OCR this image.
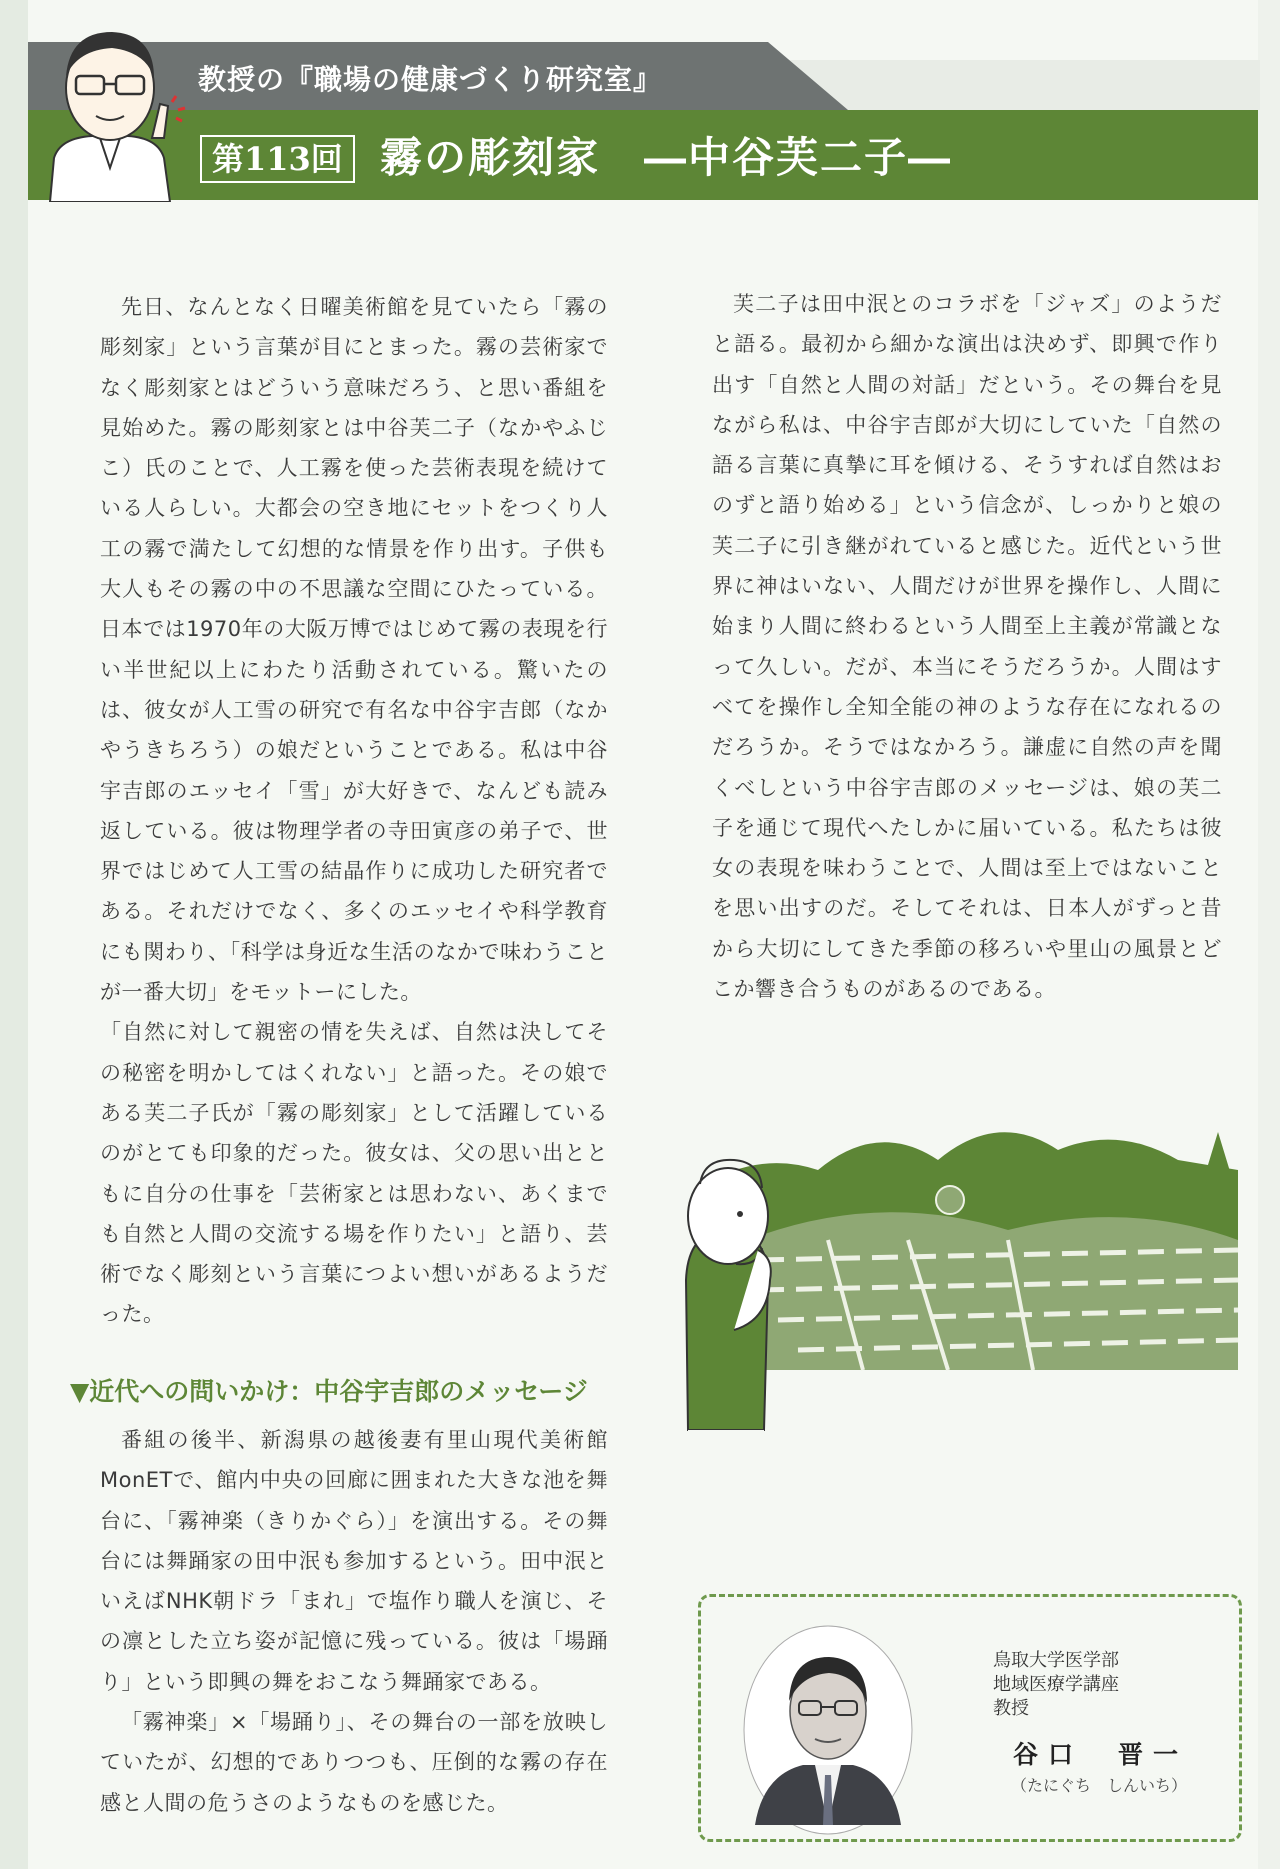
教授の『職場の健康づくり研究室』
第113回 霧の彫刻家　―中谷芙二子―

先日、なんとなく日曜美術館を見ていたら「霧の彫刻家」という言葉が目にとまった。霧の芸術家でなく彫刻家とはどういう意味だろう、と思い番組を見始めた。霧の彫刻家とは中谷芙二子（なかやふじこ）氏のことで、人工霧を使った芸術表現を続けている人らしい。大都会の空き地にセットをつくり人工の霧で満たして幻想的な情景を作り出す。子供も大人もその霧の中の不思議な空間にひたっている。日本では1970年の大阪万博ではじめて霧の表現を行い半世紀以上にわたり活動されている。驚いたのは、彼女が人工雪の研究で有名な中谷宇吉郎（なかやうきちろう）の娘だということである。私は中谷宇吉郎のエッセイ「雪」が大好きで、なんども読み返している。彼は物理学者の寺田寅彦の弟子で、世界ではじめて人工雪の結晶作りに成功した研究者である。それだけでなく、多くのエッセイや科学教育にも関わり、「科学は身近な生活のなかで味わうことが一番大切」をモットーにした。

「自然に対して親密の情を失えば、自然は決してその秘密を明かしてはくれない」と語った。その娘である芙二子氏が「霧の彫刻家」として活躍しているのがとても印象的だった。彼女は、父の思い出とともに自分の仕事を「芸術家とは思わない、あくまでも自然と人間の交流する場を作りたい」と語り、芸術でなく彫刻という言葉につよい想いがあるようだった。

▼近代への問いかけ：中谷宇吉郎のメッセージ

番組の後半、新潟県の越後妻有里山現代美術館MonETで、館内中央の回廊に囲まれた大きな池を舞台に、「霧神楽（きりかぐら）」を演出する。その舞台には舞踊家の田中泯も参加するという。田中泯といえばNHK朝ドラ「まれ」で塩作り職人を演じ、その凛とした立ち姿が記憶に残っている。彼は「場踊り」という即興の舞をおこなう舞踊家である。

「霧神楽」×「場踊り」、その舞台の一部を放映していたが、幻想的でありつつも、圧倒的な霧の存在感と人間の危うさのようなものを感じた。

芙二子は田中泯とのコラボを「ジャズ」のようだと語る。最初から細かな演出は決めず、即興で作り出す「自然と人間の対話」だという。その舞台を見ながら私は、中谷宇吉郎が大切にしていた「自然の語る言葉に真摯に耳を傾ける、そうすれば自然はおのずと語り始める」という信念が、しっかりと娘の芙二子に引き継がれていると感じた。近代という世界に神はいない、人間だけが世界を操作し、人間に始まり人間に終わるという人間至上主義が常識となって久しい。だが、本当にそうだろうか。人間はすべてを操作し全知全能の神のような存在になれるのだろうか。そうではなかろう。謙虚に自然の声を聞くべしという中谷宇吉郎のメッセージは、娘の芙二子を通じて現代へたしかに届いている。私たちは彼女の表現を味わうことで、人間は至上ではないことを思い出すのだ。そしてそれは、日本人がずっと昔から大切にしてきた季節の移ろいや里山の風景とどこか響き合うものがあるのである。

鳥取大学医学部
地域医療学講座
教授
谷口　晋一
（たにぐち　しんいち）
